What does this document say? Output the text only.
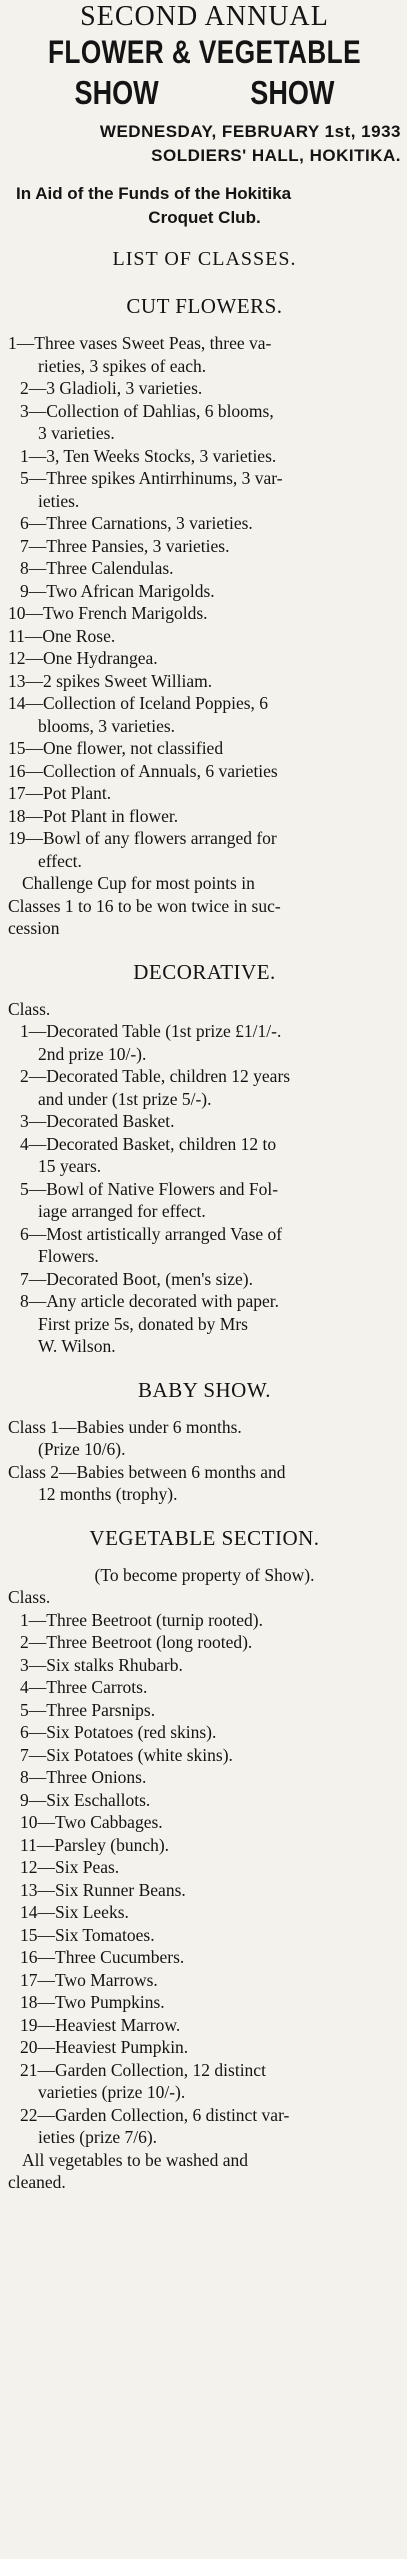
SECOND ANNUAL
FLOWER & VEGETABLE
SHOW	SHOW
WEDNESDAY, FEBRUARY 1st, 1933
SOLDIERS' HALL, HOKITIKA.
In Aid of the Funds of the Hokitika
Croquet Club.
LIST OF CLASSES.
CUT FLOWERS.
1—Three vases Sweet Peas, three va-
rieties, 3 spikes of each.
2—3 Gladioli, 3 varieties.
3—Collection of Dahlias, 6 blooms,
3 varieties.
1—3, Ten Weeks Stocks, 3 varieties.
5—Three spikes Antirrhinums, 3 var-
ieties.
6—Three Carnations, 3 varieties.
7—Three Pansies, 3 varieties.
8—Three Calendulas.
9—Two African Marigolds.
10—Two French Marigolds.
11—One Rose.
12—One Hydrangea.
13—2 spikes Sweet William.
14—Collection of Iceland Poppies, 6
blooms, 3 varieties.
15—One flower, not classified
16—Collection of Annuals, 6 varieties
17—Pot Plant.
18—Pot Plant in flower.
19—Bowl of any flowers arranged for
effect.
Challenge Cup for most points in
Classes 1 to 16 to be won twice in suc-
cession
DECORATIVE.
Class.
1—Decorated Table (1st prize £1/1/-.
2nd prize 10/-).
2—Decorated Table, children 12 years
and under (1st prize 5/-).
3—Decorated Basket.
4—Decorated Basket, children 12 to
15 years.
5—Bowl of Native Flowers and Fol-
iage arranged for effect.
6—Most artistically arranged Vase of
Flowers.
7—Decorated Boot, (men's size).
8—Any article decorated with paper.
First prize 5s, donated by Mrs
W. Wilson.
BABY SHOW.
Class 1—Babies under 6 months.
(Prize 10/6).
Class 2—Babies between 6 months and
12 months (trophy).
VEGETABLE SECTION.
(To become property of Show).
Class.
1—Three Beetroot (turnip rooted).
2—Three Beetroot (long rooted).
3—Six stalks Rhubarb.
4—Three Carrots.
5—Three Parsnips.
6—Six Potatoes (red skins).
7—Six Potatoes (white skins).
8—Three Onions.
9—Six Eschallots.
10—Two Cabbages.
11—Parsley (bunch).
12—Six Peas.
13—Six Runner Beans.
14—Six Leeks.
15—Six Tomatoes.
16—Three Cucumbers.
17—Two Marrows.
18—Two Pumpkins.
19—Heaviest Marrow.
20—Heaviest Pumpkin.
21—Garden Collection, 12 distinct
varieties (prize 10/-).
22—Garden Collection, 6 distinct var-
ieties (prize 7/6).
All vegetables to be washed and
cleaned.
